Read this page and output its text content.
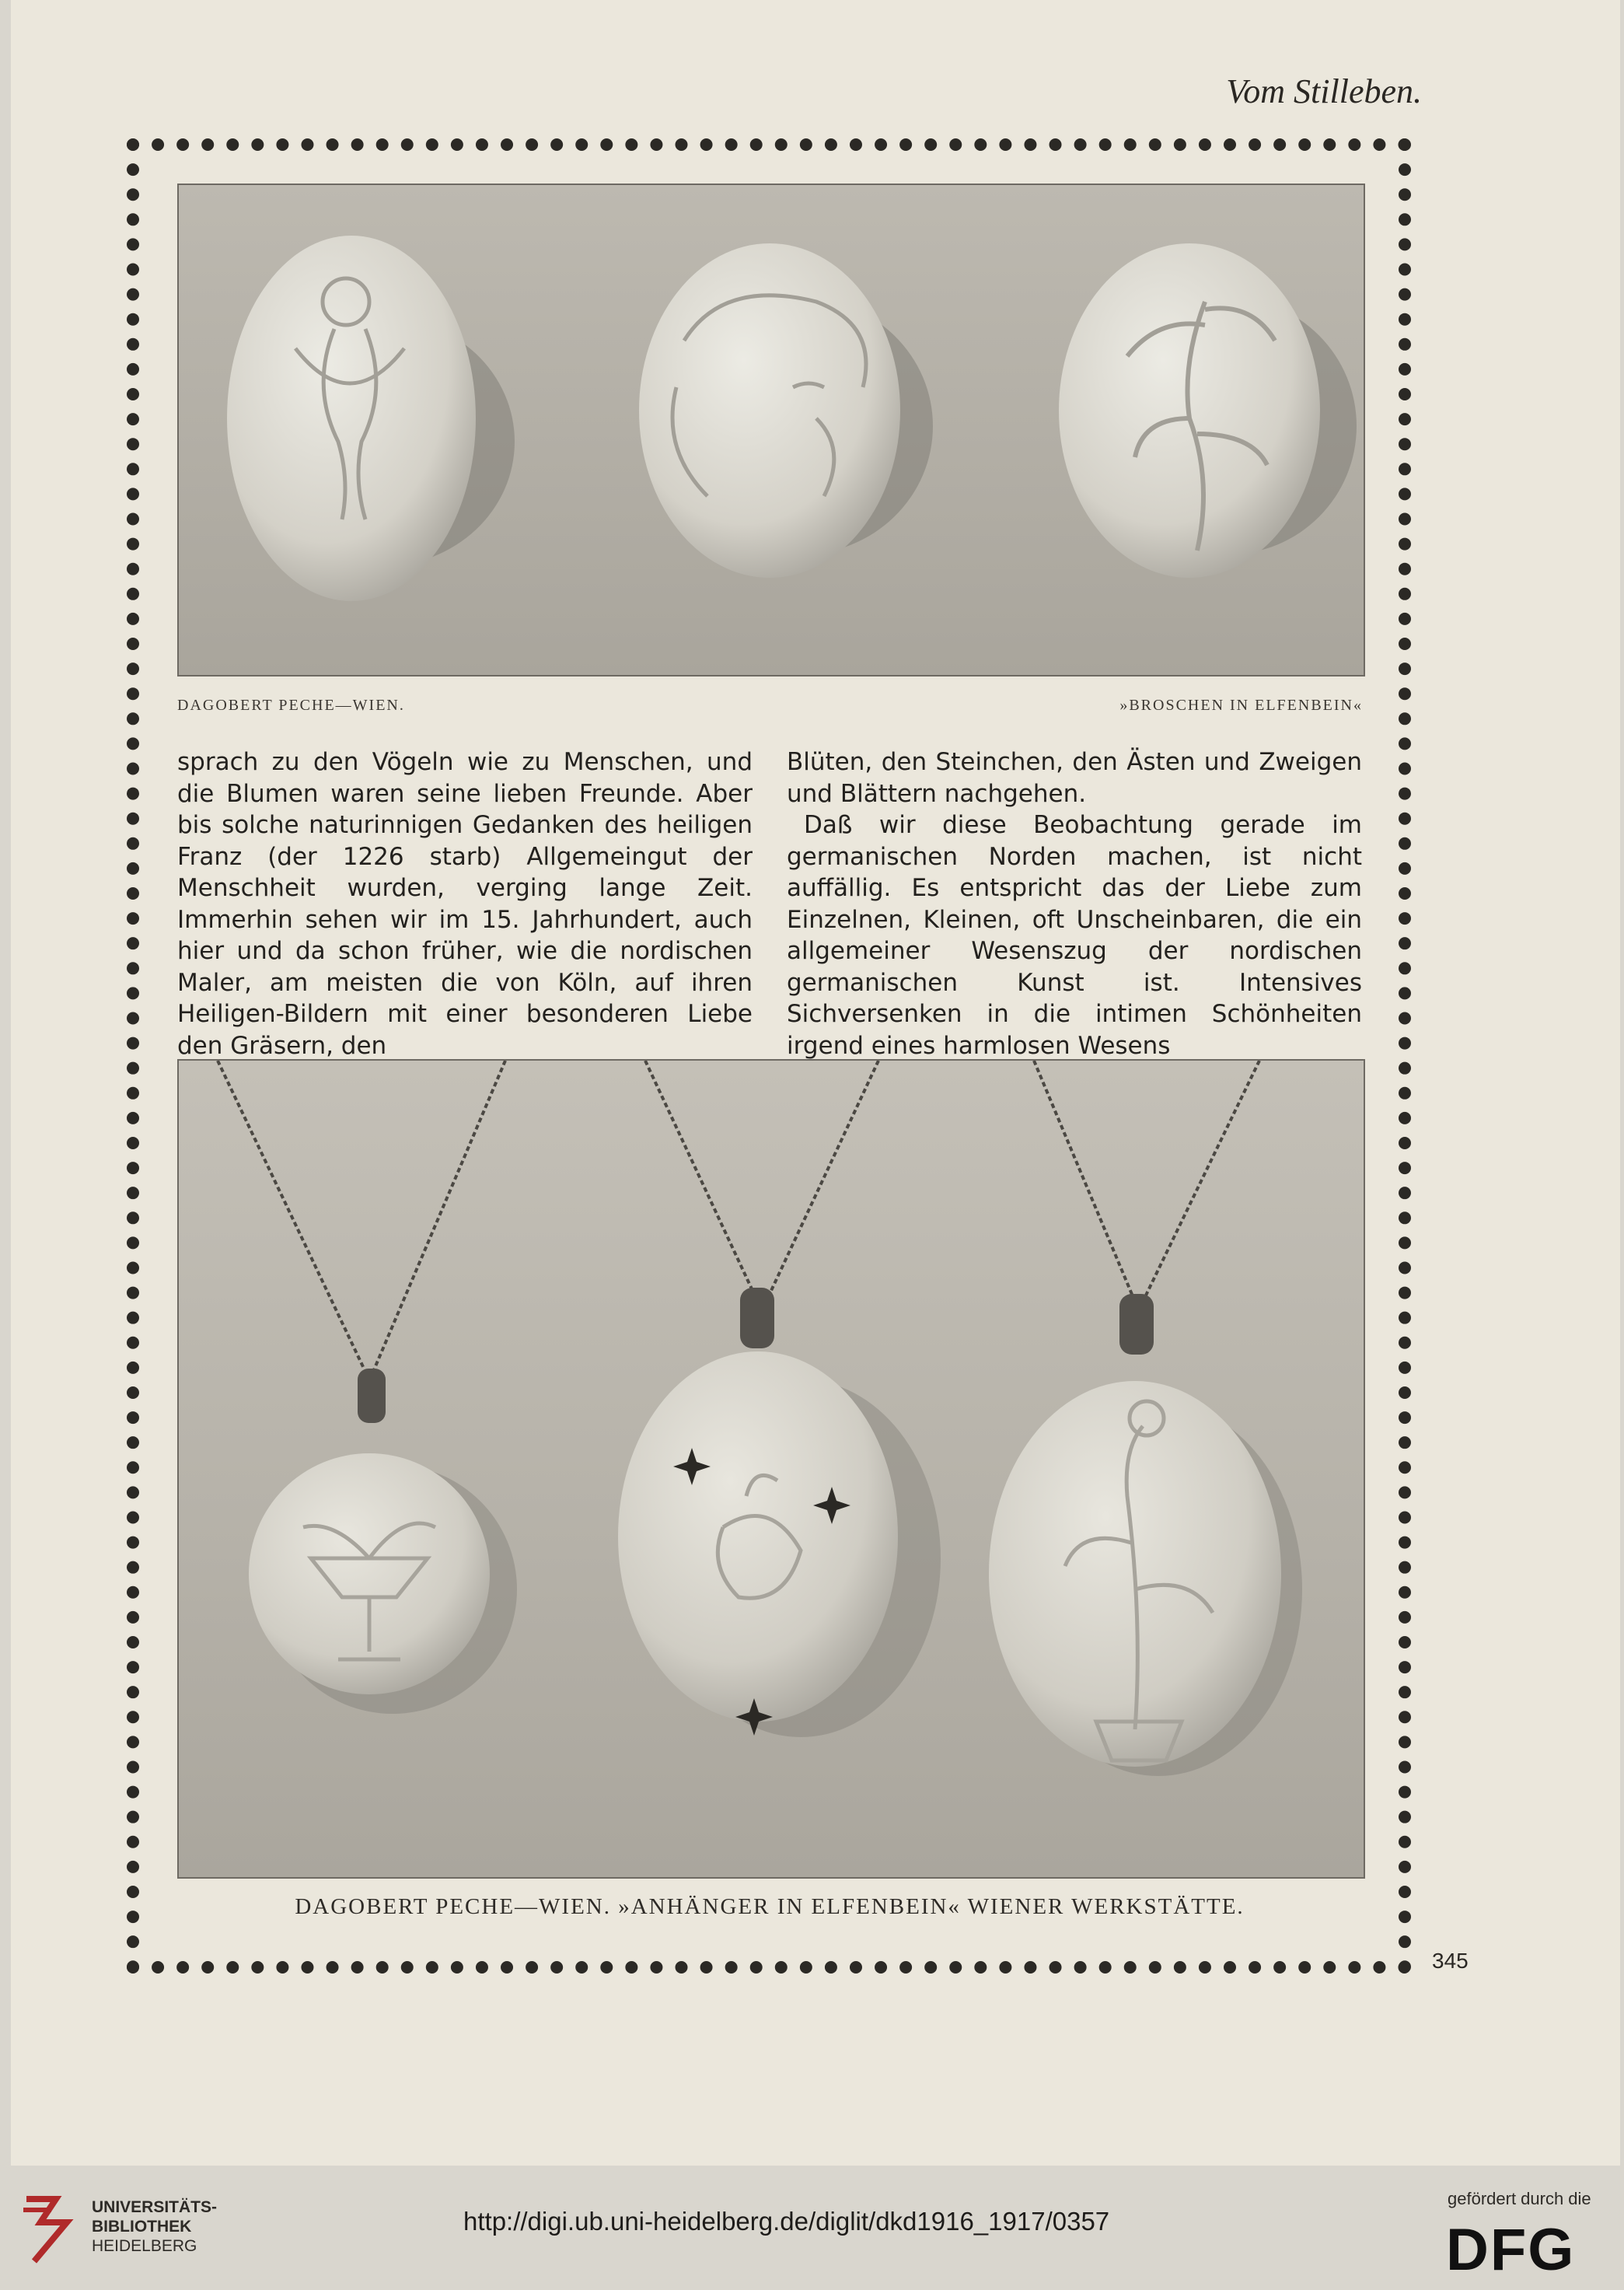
Vom Stilleben.
DAGOBERT PECHE—WIEN.	»BROSCHEN IN ELFENBEIN«

sprach zu den Vögeln wie zu Menschen, und die Blumen waren seine lieben Freunde. Aber bis solche naturinnigen Gedanken des heiligen Franz (der 1226 starb) Allgemeingut der Menschheit wurden, verging lange Zeit. Immerhin sehen wir im 15. Jahrhundert, auch hier und da schon früher, wie die nordischen Maler, am meisten die von Köln, auf ihren Heiligen-Bildern mit einer besonderen Liebe den Gräsern, den

Blüten, den Steinchen, den Ästen und Zweigen und Blättern nachgehen.

Daß wir diese Beobachtung gerade im germanischen Norden machen, ist nicht auffällig. Es entspricht das der Liebe zum Einzelnen, Kleinen, oft Unscheinbaren, die ein allgemeiner Wesenszug der nordischen germanischen Kunst ist. Intensives Sichversenken in die intimen Schönheiten irgend eines harmlosen Wesens

DAGOBERT PECHE—WIEN. »ANHÄNGER IN ELFENBEIN« WIENER WERKSTÄTTE.
345
UNIVERSITÄTS-
BIBLIOTHEK
HEIDELBERG
http://digi.ub.uni-heidelberg.de/diglit/dkd1916_1917/0357
gefördert durch die
DFG
